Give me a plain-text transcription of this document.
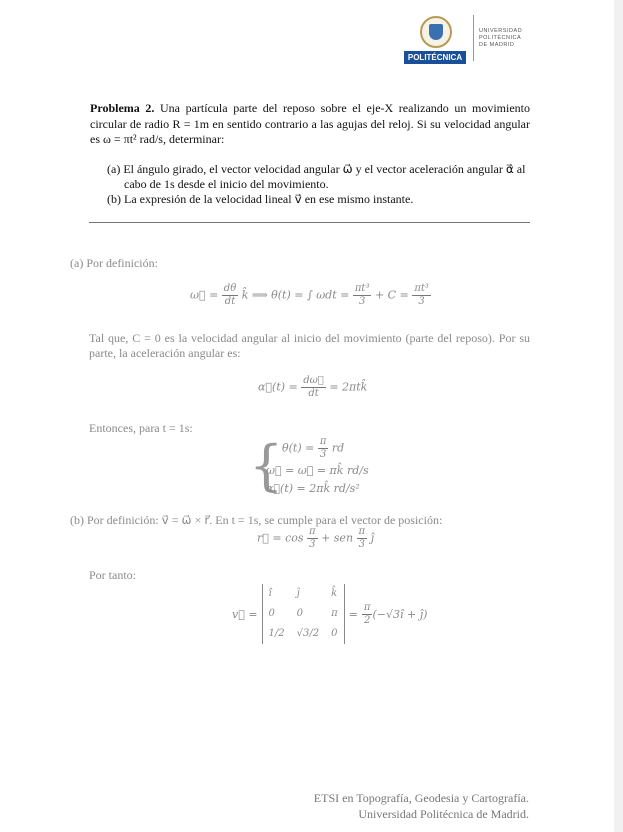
POLITÉCNICA
UNIVERSIDAD
POLITÉCNICA
DE MADRID
Problema 2. Una partícula parte del reposo sobre el eje-X realizando un movimiento circular de radio R = 1m en sentido contrario a las agujas del reloj. Si su velocidad angular es ω = πt² rad/s, determinar:
(a) El ángulo girado, el vector velocidad angular ω⃗ y el vector aceleración angular α⃗ al cabo de 1s desde el inicio del movimiento.
(b) La expresión de la velocidad lineal v⃗ en ese mismo instante.
(a) Por definición:
ω⃗ = $\frac{d\theta}{dt}$ k̂ ⟹ θ(t) = ∫ $\omega dt = \frac{\text{πt³}}{3} + C = \frac{\text{πt³}}{3}$
Tal que, C = 0 es la velocidad angular al inicio del movimiento (parte del reposo). Por su parte, la aceleración angular es:
α⃗(t) = $\frac{d\omega⃗}{dt}$ = 2πtk̂
Entonces, para t = 1s:
{
$\theta(t) = \frac{\pi}{3}$ rd
ω⃗ = ω⃗ = πk̂ rd/s
α⃗(t) = 2πk̂ rd/s²
(b) Por definición: v⃗ = ω⃗ × r⃗. En t = 1s, se cumple para el vector de posición:
r⃗ = $\cos \frac{\pi}{3}$ + sen $\frac{\pi}{3}$ ĵ
Por tanto:
v⃗ =
î	ĵ	k̂
0	0	π
1/2	√3/2	0
= $\frac{\pi}{2}$ (−√3î + ĵ)
ETSI en Topografía, Geodesia y Cartografía.
Universidad Politécnica de Madrid.
